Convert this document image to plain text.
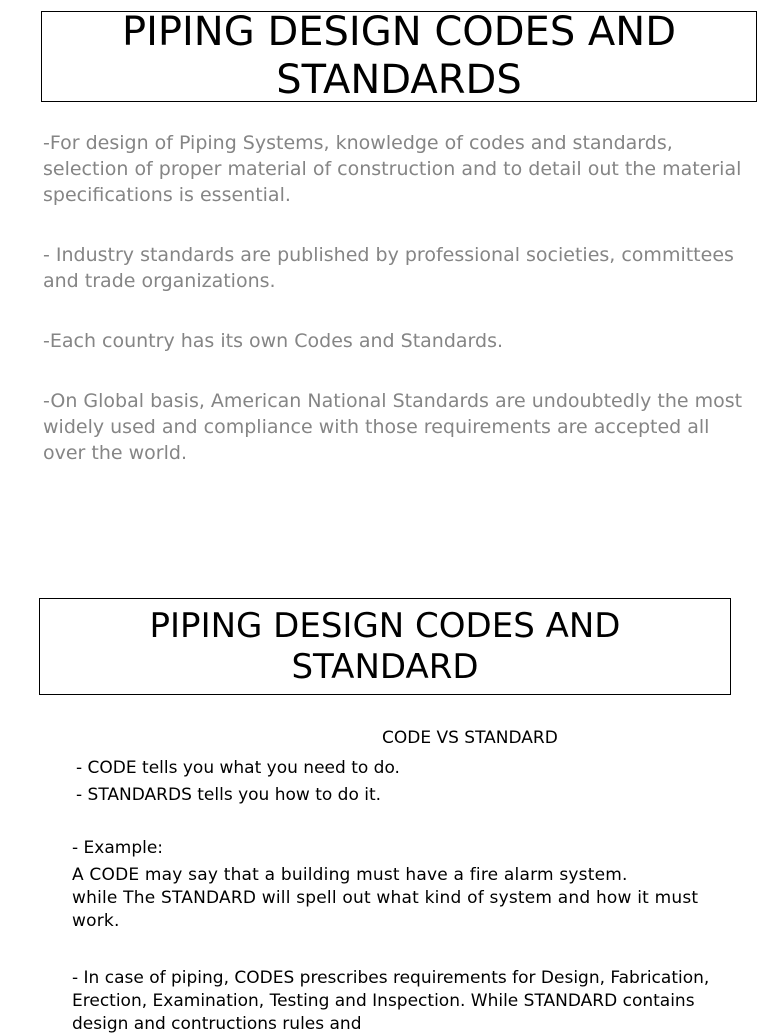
PIPING DESIGN CODES AND
STANDARDS

-For design of Piping Systems, knowledge of codes and standards, selection of proper material of construction and to detail out the material specifications is essential.

- Industry standards are published by professional societies, committees and trade organizations.

-Each country has its own Codes and Standards.

-On Global basis, American National Standards are undoubtedly the most widely used and compliance with those requirements are accepted all over the world.

PIPING DESIGN CODES AND
STANDARD

CODE VS STANDARD

- CODE tells you what you need to do.

- STANDARDS tells you how to do it.

- Example:

A CODE may say that a building must have a fire alarm system.
while The STANDARD will spell out what kind of system and how it must work.

- In case of piping, CODES prescribes requirements for Design, Fabrication, Erection, Examination, Testing and Inspection. While STANDARD contains design and contructions rules and
